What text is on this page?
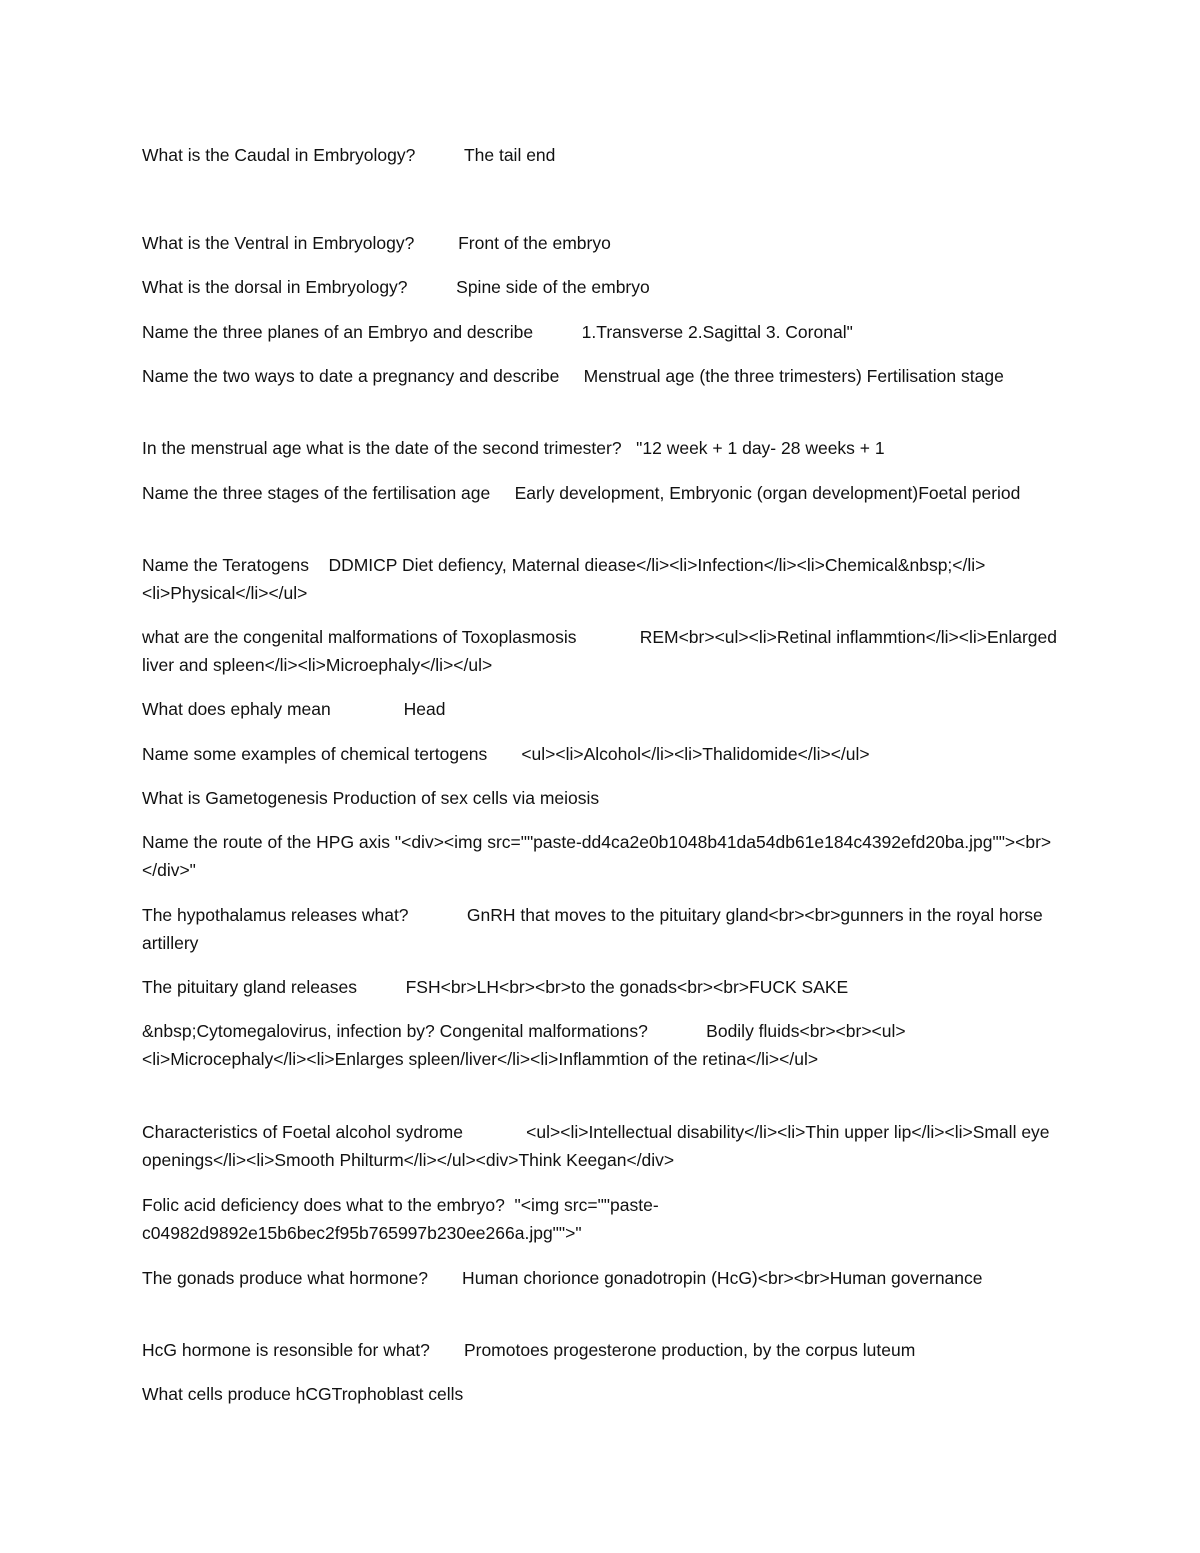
What is the Caudal in Embryology?          The tail end

What is the Ventral in Embryology?         Front of the embryo

What is the dorsal in Embryology?          Spine side of the embryo

Name the three planes of an Embryo and describe          1.Transverse 2.Sagittal 3. Coronal"

Name the two ways to date a pregnancy and describe     Menstrual age (the three trimesters) Fertilisation stage

In the menstrual age what is the date of the second trimester?   "12 week + 1 day- 28 weeks + 1

Name the three stages of the fertilisation age     Early development, Embryonic (organ development)Foetal period

Name the Teratogens    DDMICP Diet defiency, Maternal diease</li><li>Infection</li><li>Chemical&nbsp;</li><li>Physical</li></ul>

what are the congenital malformations of Toxoplasmosis             REM<br><ul><li>Retinal inflammtion</li><li>Enlarged liver and spleen</li><li>Microephaly</li></ul>

What does ephaly mean               Head

Name some examples of chemical tertogens       <ul><li>Alcohol</li><li>Thalidomide</li></ul>

What is Gametogenesis Production of sex cells via meiosis

Name the route of the HPG axis "<div><img src=""paste-dd4ca2e0b1048b41da54db61e184c4392efd20ba.jpg""><br></div>"

The hypothalamus releases what?            GnRH that moves to the pituitary gland<br><br>gunners in the royal horse artillery

The pituitary gland releases          FSH<br>LH<br><br>to the gonads<br><br>FUCK SAKE

&nbsp;Cytomegalovirus, infection by? Congenital malformations?            Bodily fluids<br><br><ul><li>Microcephaly</li><li>Enlarges spleen/liver</li><li>Inflammtion of the retina</li></ul>

Characteristics of Foetal alcohol sydrome             <ul><li>Intellectual disability</li><li>Thin upper lip</li><li>Small eye openings</li><li>Smooth Philturm</li></ul><div>Think Keegan</div>

Folic acid deficiency does what to the embryo?  "<img src=""paste-c04982d9892e15b6bec2f95b765997b230ee266a.jpg"">"

The gonads produce what hormone?       Human chorionce gonadotropin (HcG)<br><br>Human governance

HcG hormone is resonsible for what?       Promotoes progesterone production, by the corpus luteum

What cells produce hCGTrophoblast cells
